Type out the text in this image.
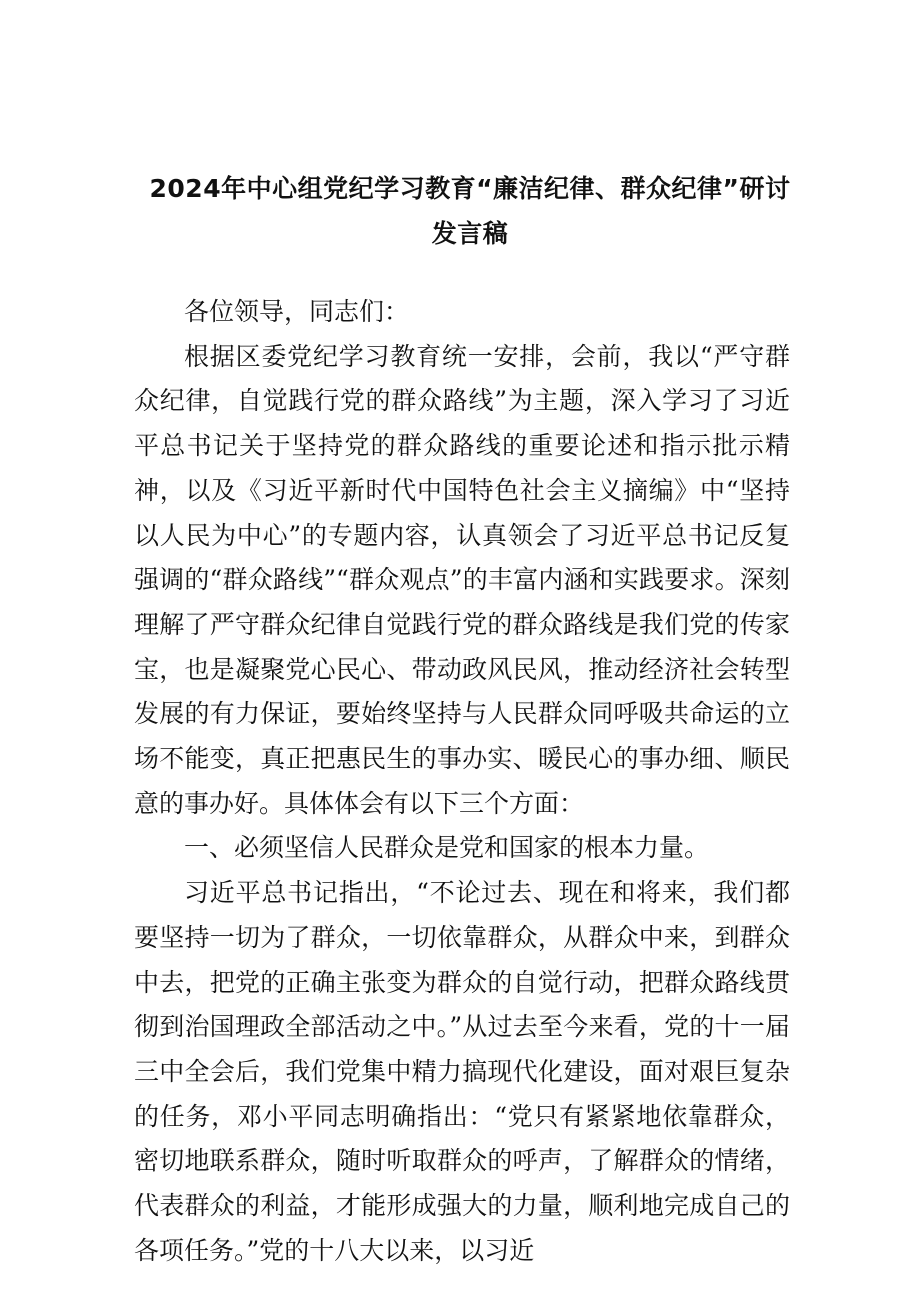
2024年中心组党纪学习教育“廉洁纪律、群众纪律”研讨发言稿

各位领导，同志们：

根据区委党纪学习教育统一安排，会前，我以“严守群众纪律，自觉践行党的群众路线”为主题，深入学习了习近平总书记关于坚持党的群众路线的重要论述和指示批示精神，以及《习近平新时代中国特色社会主义摘编》中“坚持以人民为中心”的专题内容，认真领会了习近平总书记反复强调的“群众路线”“群众观点”的丰富内涵和实践要求。深刻理解了严守群众纪律自觉践行党的群众路线是我们党的传家宝，也是凝聚党心民心、带动政风民风，推动经济社会转型发展的有力保证，要始终坚持与人民群众同呼吸共命运的立场不能变，真正把惠民生的事办实、暖民心的事办细、顺民意的事办好。具体体会有以下三个方面：

一、必须坚信人民群众是党和国家的根本力量。

习近平总书记指出，“不论过去、现在和将来，我们都要坚持一切为了群众，一切依靠群众，从群众中来，到群众中去，把党的正确主张变为群众的自觉行动，把群众路线贯彻到治国理政全部活动之中。”从过去至今来看，党的十一届三中全会后，我们党集中精力搞现代化建设，面对艰巨复杂的任务，邓小平同志明确指出：“党只有紧紧地依靠群众，密切地联系群众，随时听取群众的呼声，了解群众的情绪，代表群众的利益，才能形成强大的力量，顺利地完成自己的各项任务。”党的十八大以来，以习近
